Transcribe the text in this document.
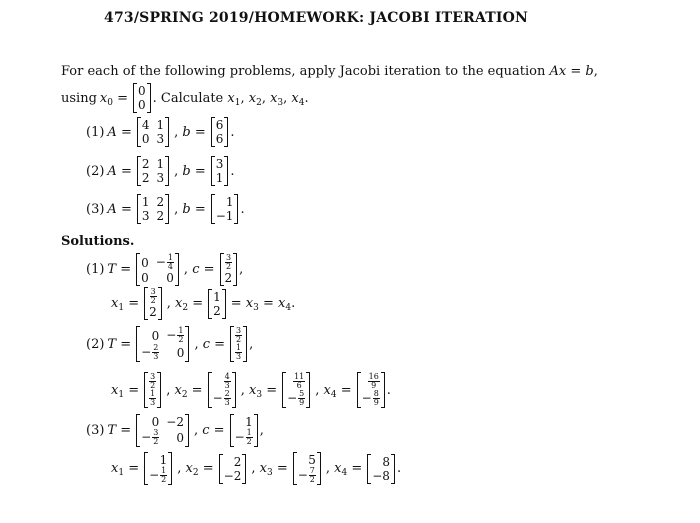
473/SPRING 2019/HOMEWORK: JACOBI ITERATION
For each of the following problems, apply Jacobi iteration to the equation Ax = b,
using $x_0 = 0$
0 . Calculate $x_1$, $x_2$, $x_3$, $x_4$.
(1) A = 4 1
0 3 , b = 6
6 .
(2) A = 2 1
2 3 , b = 3
1 .
(3) A = 1 2
3 2 , b = 1
−1 .
Solutions.
(1) $T = 0 - \frac{1}{4}$
0 0
, $c = \frac{3}{2}$
2
,
$x_1 = \frac{3}{2}$
2
, $x_2 = 1$
$2 = x_3 = x_4$.
(2) T =
$0 - \frac{1}{2}$
− $\frac{2}{3} 0$
, $c = \frac{3}{2}$
$\frac{1}{3}$ ,
$x_1 = \frac{3}{2}$
$\frac{1}{3}$ , $x_2$ =	$\frac{4}{3}$
− $\frac{2}{3}$ , $x_3 = \frac{11}{6}$
− $\frac{5}{9}$ , $x_4 = \frac{16}{9}$
− $\frac{8}{9}$ .
(3) T =
0 −2
− $\frac{3}{2} 0$ , c =
1
− $\frac{1}{2}$ ,
$x_1$ =
1
− $\frac{1}{2}$ , $x_2 = 2$
−2 , $x_3$ =
5
− $\frac{7}{2}$ , $x_4 = 8$
−8 .
